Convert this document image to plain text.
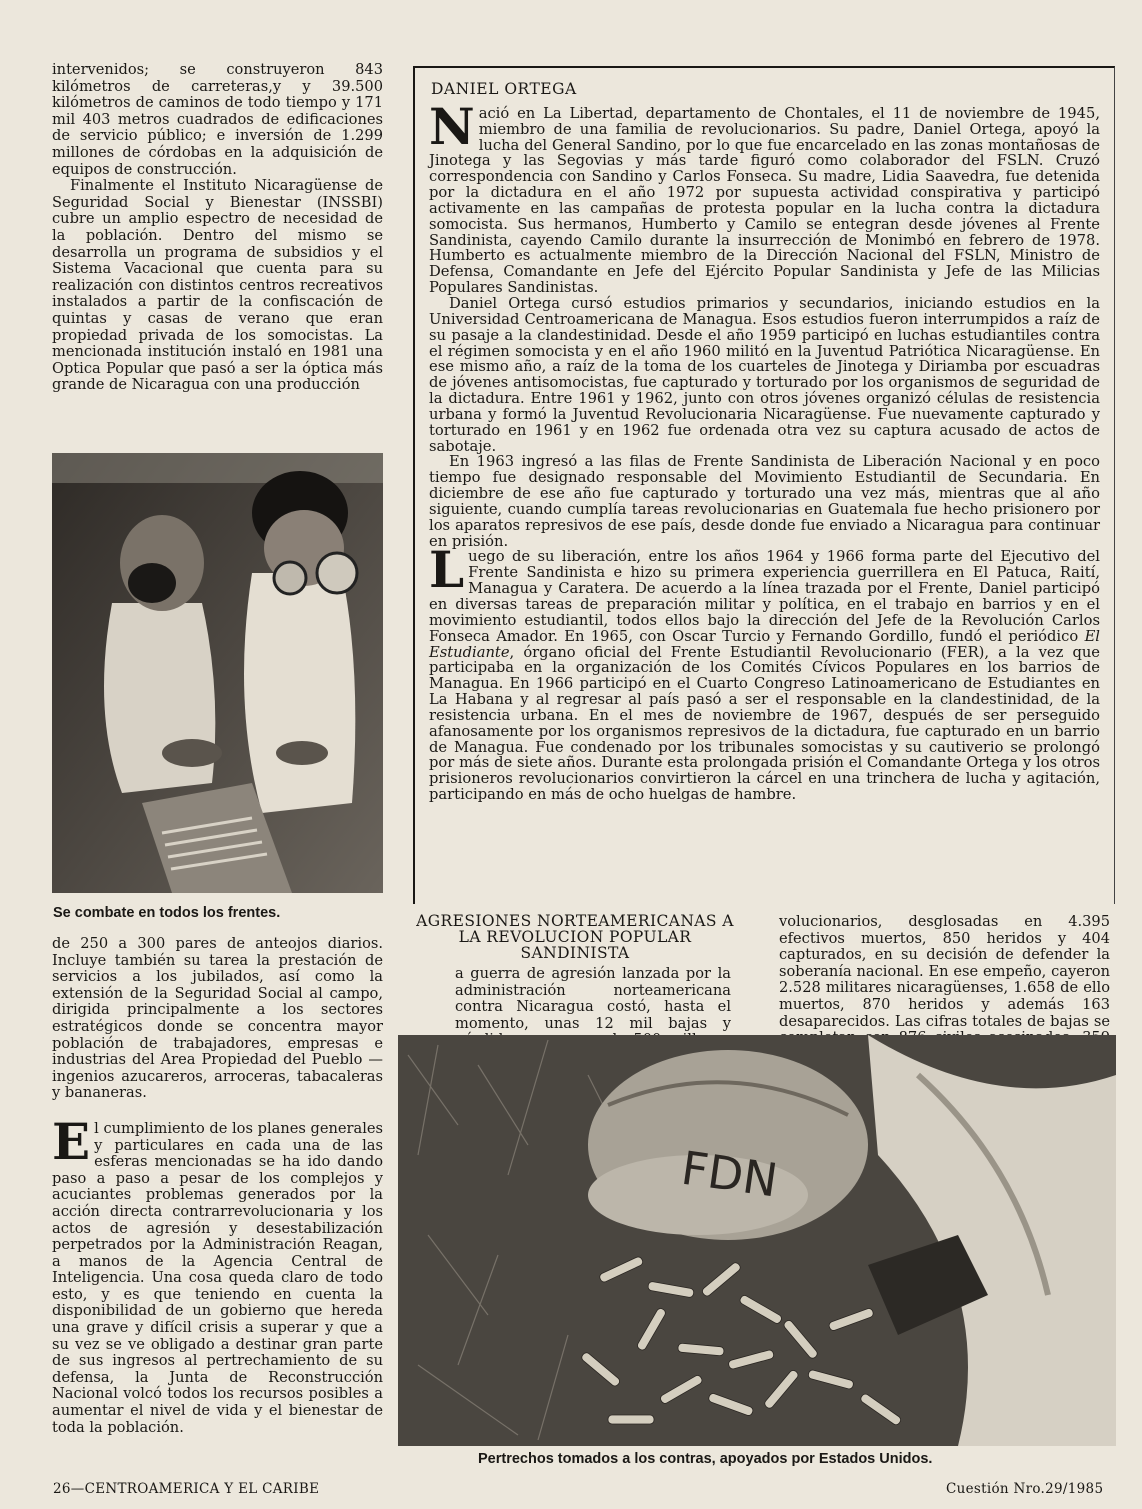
intervenidos; se construyeron 843 kilómetros de carreteras,y y 39.500 kilómetros de caminos de todo tiempo y 171 mil 403 metros cuadrados de edificaciones de servicio público; e inversión de 1.299 millones de córdobas en la adquisición de equipos de construcción.

Finalmente el Instituto Nicaragüense de Seguridad Social y Bienestar (INSSBI) cubre un amplio espectro de necesidad de la población. Dentro del mismo se desarrolla un programa de subsidios y el Sistema Vacacional que cuenta para su realización con distintos centros recreativos instalados a partir de la confiscación de quintas y casas de verano que eran propiedad privada de los somocistas. La mencionada institución instaló en 1981 una Optica Popular que pasó a ser la óptica más grande de Nicaragua con una producción

Se combate en todos los frentes.

de 250 a 300 pares de anteojos diarios. Incluye también su tarea la prestación de servicios a los jubilados, así como la extensión de la Seguridad Social al campo, dirigida principalmente a los sectores estratégicos donde se concentra mayor población de trabajadores, empresas e industrias del Area Propiedad del Pueblo —ingenios azucareros, arroceras, tabacaleras y bananeras.

El cumplimiento de los planes generales y particulares en cada una de las esferas mencionadas se ha ido dando paso a paso a pesar de los complejos y acuciantes problemas generados por la acción directa contrarrevolucionaria y los actos de agresión y desestabilización perpetrados por la Administración Reagan, a manos de la Agencia Central de Inteligencia. Una cosa queda claro de todo esto, y es que teniendo en cuenta la disponibilidad de un gobierno que hereda una grave y difícil crisis a superar y que a su vez se ve obligado a destinar gran parte de sus ingresos al pertrechamiento de su defensa, la Junta de Reconstrucción Nacional volcó todos los recursos posibles a aumentar el nivel de vida y el bienestar de toda la población.

DANIEL ORTEGA

Nació en La Libertad, departamento de Chontales, el 11 de noviembre de 1945, miembro de una familia de revolucionarios. Su padre, Daniel Ortega, apoyó la lucha del General Sandino, por lo que fue encarcelado en las zonas montañosas de Jinotega y las Segovias y más tarde figuró como colaborador del FSLN. Cruzó correspondencia con Sandino y Carlos Fonseca. Su madre, Lidia Saavedra, fue detenida por la dictadura en el año 1972 por supuesta actividad conspirativa y participó activamente en las campañas de protesta popular en la lucha contra la dictadura somocista. Sus hermanos, Humberto y Camilo se entegran desde jóvenes al Frente Sandinista, cayendo Camilo durante la insurrección de Monimbó en febrero de 1978. Humberto es actualmente miembro de la Dirección Nacional del FSLN, Ministro de Defensa, Comandante en Jefe del Ejército Popular Sandinista y Jefe de las Milicias Populares Sandinistas.

Daniel Ortega cursó estudios primarios y secundarios, iniciando estudios en la Universidad Centroamericana de Managua. Esos estudios fueron interrumpidos a raíz de su pasaje a la clandestinidad. Desde el año 1959 participó en luchas estudiantiles contra el régimen somocista y en el año 1960 militó en la Juventud Patriótica Nicaragüense. En ese mismo año, a raíz de la toma de los cuarteles de Jinotega y Diriamba por escuadras de jóvenes antisomocistas, fue capturado y torturado por los organismos de seguridad de la dictadura. Entre 1961 y 1962, junto con otros jóvenes organizó células de resistencia urbana y formó la Juventud Revolucionaria Nicaragüense. Fue nuevamente capturado y torturado en 1961 y en 1962 fue ordenada otra vez su captura acusado de actos de sabotaje.

En 1963 ingresó a las filas de Frente Sandinista de Liberación Nacional y en poco tiempo fue designado responsable del Movimiento Estudiantil de Secundaria. En diciembre de ese año fue capturado y torturado una vez más, mientras que al año siguiente, cuando cumplía tareas revolucionarias en Guatemala fue hecho prisionero por los aparatos represivos de ese país, desde donde fue enviado a Nicaragua para continuar en prisión.

Luego de su liberación, entre los años 1964 y 1966 forma parte del Ejecutivo del Frente Sandinista e hizo su primera experiencia guerrillera en El Patuca, Raití, Managua y Caratera. De acuerdo a la línea trazada por el Frente, Daniel participó en diversas tareas de preparación militar y política, en el trabajo en barrios y en el movimiento estudiantil, todos ellos bajo la dirección del Jefe de la Revolución Carlos Fonseca Amador. En 1965, con Oscar Turcio y Fernando Gordillo, fundó el periódico El Estudiante, órgano oficial del Frente Estudiantil Revolucionario (FER), a la vez que participaba en la organización de los Comités Cívicos Populares en los barrios de Managua. En 1966 participó en el Cuarto Congreso Latinoamericano de Estudiantes en La Habana y al regresar al país pasó a ser el responsable en la clandestinidad, de la resistencia urbana. En el mes de noviembre de 1967, después de ser perseguido afanosamente por los organismos represivos de la dictadura, fue capturado en un barrio de Managua. Fue condenado por los tribunales somocistas y su cautiverio se prolongó por más de siete años. Durante esta prolongada prisión el Comandante Ortega y los otros prisioneros revolucionarios convirtieron la cárcel en una trinchera de lucha y agitación, participando en más de ocho huelgas de hambre.

AGRESIONES NORTEAMERICANAS A LA REVOLUCION POPULAR SANDINISTA

a guerra de agresión lanzada por la administración norteamericana contra Nicaragua costó, hasta el momento, unas 12 mil bajas y

volucionarios, desglosadas en 4.395 efectivos muertos, 850 heridos y 404 capturados, en su decisión de defender la soberanía nacional. En ese empeño, cayeron 2.528 militares nicaragüenses, 1.658 de ello muertos, 870 heridos y además 163 desaparecidos. Las cifras totales de bajas se

FDN
Pertrechos tomados a los contras, apoyados por Estados Unidos.
26—CENTROAMERICA Y EL CARIBE	Cuestión Nro.29/1985
